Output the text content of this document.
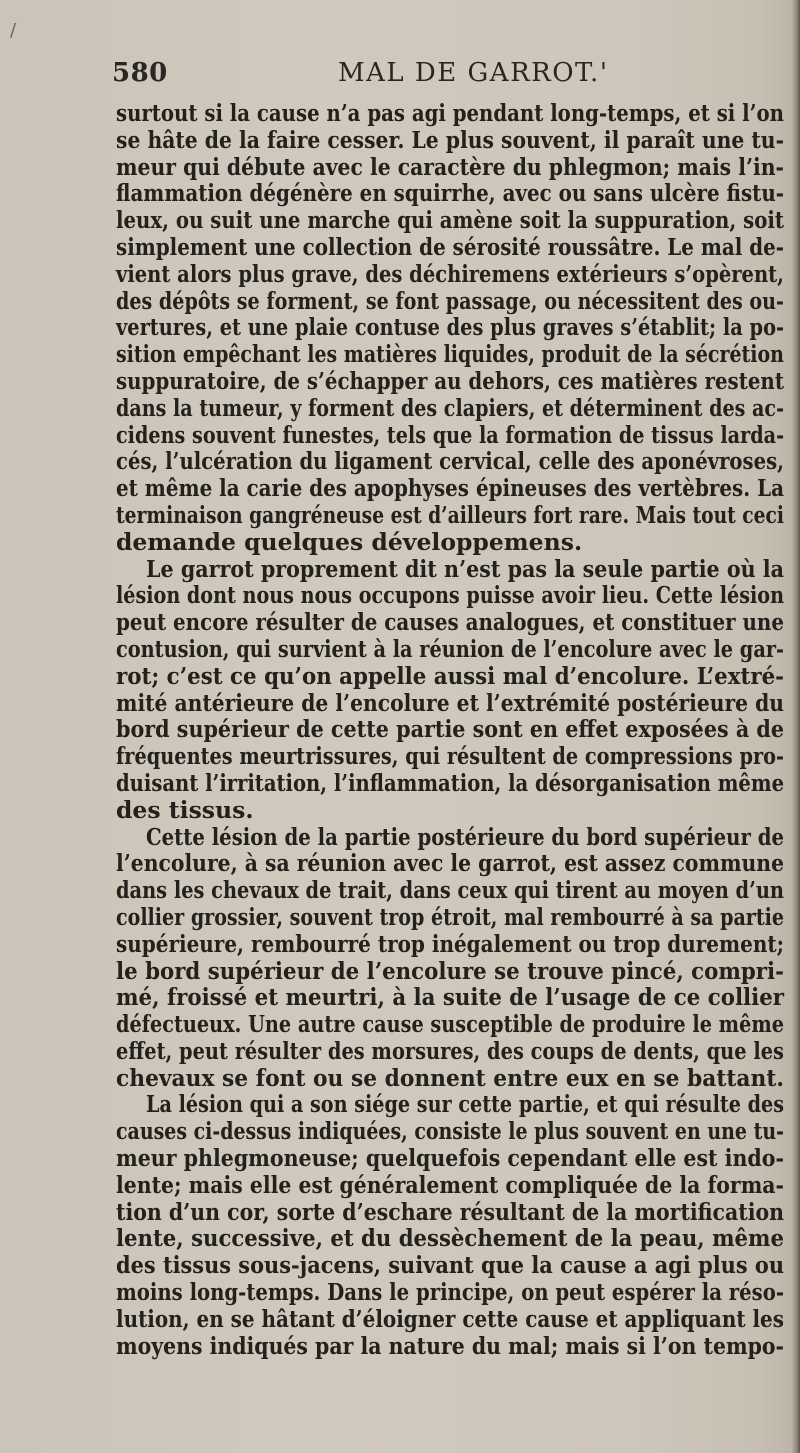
/
580	MAL DE GARROT.'
surtout si la cause n’a pas agi pendant long-temps, et si l’on
se hâte de la faire cesser. Le plus souvent, il paraît une tu-
meur qui débute avec le caractère du phlegmon; mais l’in-
flammation dégénère en squirrhe, avec ou sans ulcère fistu-
leux, ou suit une marche qui amène soit la suppuration, soit
simplement une collection de sérosité roussâtre. Le mal de-
vient alors plus grave, des déchiremens extérieurs s’opèrent,
des dépôts se forment, se font passage, ou nécessitent des ou-
vertures, et une plaie contuse des plus graves s’établit; la po-
sition empêchant les matières liquides, produit de la sécrétion
suppuratoire, de s’échapper au dehors, ces matières restent
dans la tumeur, y forment des clapiers, et déterminent des ac-
cidens souvent funestes, tels que la formation de tissus larda-
cés, l’ulcération du ligament cervical, celle des aponévroses,
et même la carie des apophyses épineuses des vertèbres. La
terminaison gangréneuse est d’ailleurs fort rare. Mais tout ceci
demande quelques développemens.
Le garrot proprement dit n’est pas la seule partie où la
lésion dont nous nous occupons puisse avoir lieu. Cette lésion
peut encore résulter de causes analogues, et constituer une
contusion, qui survient à la réunion de l’encolure avec le gar-
rot; c’est ce qu’on appelle aussi mal d’encolure. L’extré-
mité antérieure de l’encolure et l’extrémité postérieure du
bord supérieur de cette partie sont en effet exposées à de
fréquentes meurtrissures, qui résultent de compressions pro-
duisant l’irritation, l’inflammation, la désorganisation même
des tissus.
Cette lésion de la partie postérieure du bord supérieur de
l’encolure, à sa réunion avec le garrot, est assez commune
dans les chevaux de trait, dans ceux qui tirent au moyen d’un
collier grossier, souvent trop étroit, mal rembourré à sa partie
supérieure, rembourré trop inégalement ou trop durement;
le bord supérieur de l’encolure se trouve pincé, compri-
mé, froissé et meurtri, à la suite de l’usage de ce collier
défectueux. Une autre cause susceptible de produire le même
effet, peut résulter des morsures, des coups de dents, que les
chevaux se font ou se donnent entre eux en se battant.
La lésion qui a son siége sur cette partie, et qui résulte des
causes ci-dessus indiquées, consiste le plus souvent en une tu-
meur phlegmoneuse; quelquefois cependant elle est indo-
lente; mais elle est généralement compliquée de la forma-
tion d’un cor, sorte d’eschare résultant de la mortification
lente, successive, et du dessèchement de la peau, même
des tissus sous-jacens, suivant que la cause a agi plus ou
moins long-temps. Dans le principe, on peut espérer la réso-
lution, en se hâtant d’éloigner cette cause et appliquant les
moyens indiqués par la nature du mal; mais si l’on tempo-
